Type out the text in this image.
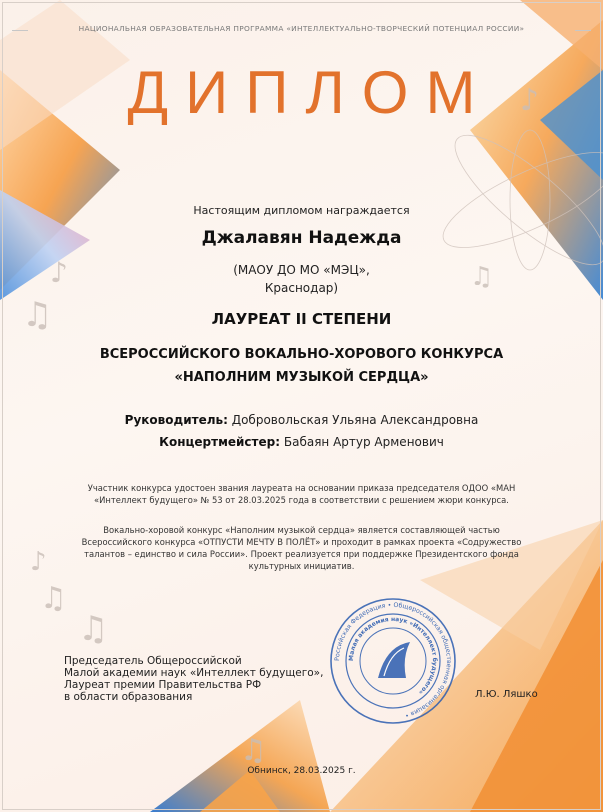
♫
♪
♫
♫
♪
♪
♫
♫
НАЦИОНАЛЬНАЯ ОБРАЗОВАТЕЛЬНАЯ ПРОГРАММА «ИНТЕЛЛЕКТУАЛЬНО-ТВОРЧЕСКИЙ ПОТЕНЦИАЛ РОССИИ»
ДИПЛОМ
Настоящим дипломом награждается
Джалавян Надежда
(МАОУ ДО МО «МЭЦ»,
Краснодар)
ЛАУРЕАТ II СТЕПЕНИ
ВСЕРОССИЙСКОГО ВОКАЛЬНО-ХОРОВОГО КОНКУРСА
«НАПОЛНИМ МУЗЫКОЙ СЕРДЦА»
Руководитель: Добровольская Ульяна Александровна
Концертмейстер: Бабаян Артур Арменович
Участник конкурса удостоен звания лауреата на основании приказа председателя ОДОО «МАН
«Интеллект будущего» № 53 от 28.03.2025 года в соответствии с решением жюри конкурса.
Вокально-хоровой конкурс «Наполним музыкой сердца» является составляющей частью
Всероссийского конкурса «ОТПУСТИ МЕЧТУ В ПОЛЁТ» и проходит в рамках проекта «Содружество
талантов – единство и сила России». Проект реализуется при поддержке Президентского фонда
культурных инициатив.
Российская Федерация • Общероссийская общественная организация •
Малая академия наук «Интеллект будущего»
Председатель Общероссийской
Малой академии наук «Интеллект будущего»,
Лауреат премии Правительства РФ
в области образования	Л.Ю. Ляшко
Обнинск, 28.03.2025 г.
